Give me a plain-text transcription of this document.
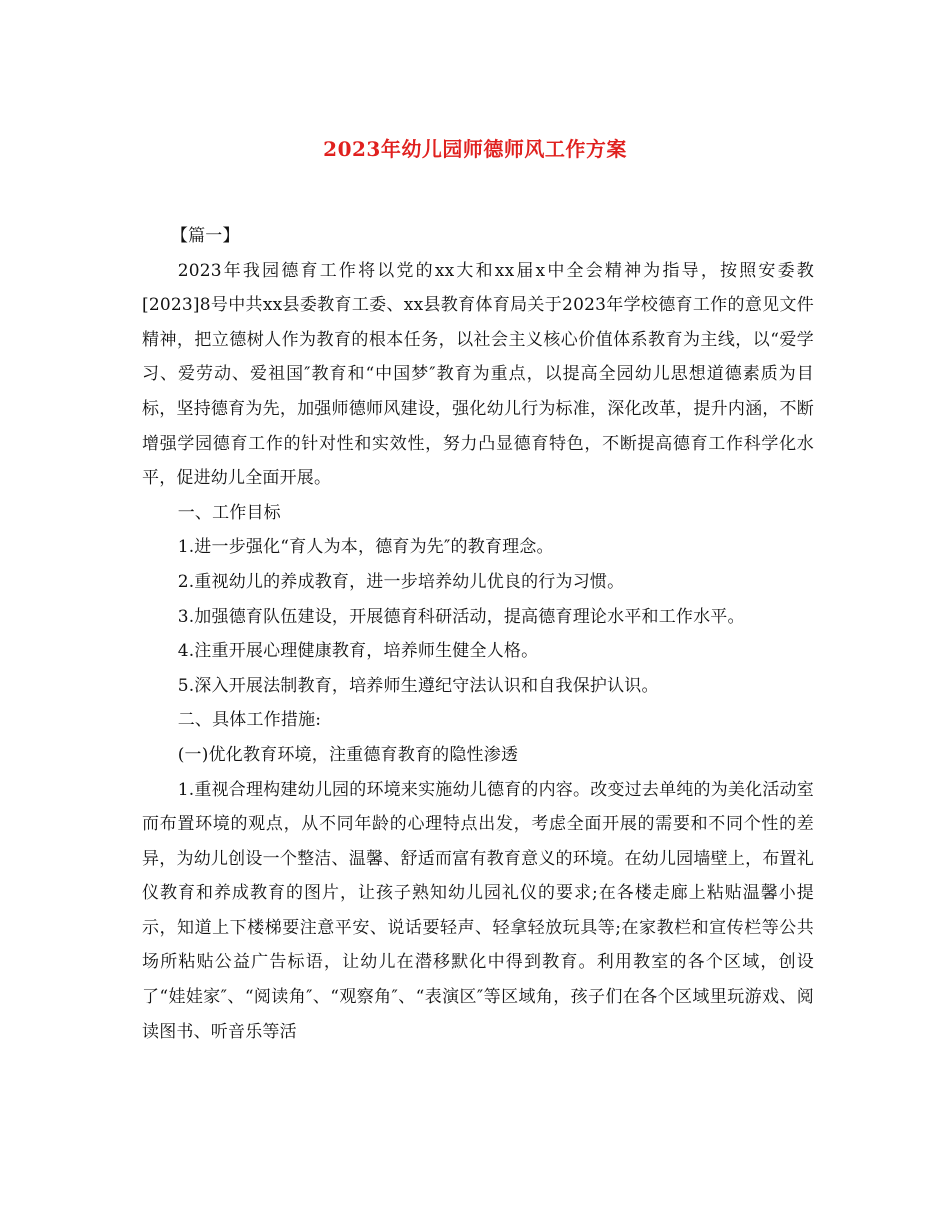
2023年幼儿园师德师风工作方案

【篇一】

2023年我园德育工作将以党的xx大和xx届x中全会精神为指导，按照安委教[2023]8号中共xx县委教育工委、xx县教育体育局关于2023年学校德育工作的意见文件精神，把立德树人作为教育的根本任务，以社会主义核心价值体系教育为主线，以“爱学习、爱劳动、爱祖国″教育和“中国梦″教育为重点，以提高全园幼儿思想道德素质为目标，坚持德育为先，加强师德师风建设，强化幼儿行为标准，深化改革，提升内涵，不断增强学园德育工作的针对性和实效性，努力凸显德育特色，不断提高德育工作科学化水平，促进幼儿全面开展。

一、工作目标

1.进一步强化“育人为本，德育为先″的教育理念。

2.重视幼儿的养成教育，进一步培养幼儿优良的行为习惯。

3.加强德育队伍建设，开展德育科研活动，提高德育理论水平和工作水平。

4.注重开展心理健康教育，培养师生健全人格。

5.深入开展法制教育，培养师生遵纪守法认识和自我保护认识。

二、具体工作措施:

(一)优化教育环境，注重德育教育的隐性渗透

1.重视合理构建幼儿园的环境来实施幼儿德育的内容。改变过去单纯的为美化活动室而布置环境的观点，从不同年龄的心理特点出发，考虑全面开展的需要和不同个性的差异，为幼儿创设一个整洁、温馨、舒适而富有教育意义的环境。在幼儿园墙壁上，布置礼仪教育和养成教育的图片，让孩子熟知幼儿园礼仪的要求;在各楼走廊上粘贴温馨小提示，知道上下楼梯要注意平安、说话要轻声、轻拿轻放玩具等;在家教栏和宣传栏等公共场所粘贴公益广告标语，让幼儿在潜移默化中得到教育。利用教室的各个区域，创设了“娃娃家″、“阅读角″、“观察角″、“表演区″等区域角，孩子们在各个区域里玩游戏、阅读图书、听音乐等活
